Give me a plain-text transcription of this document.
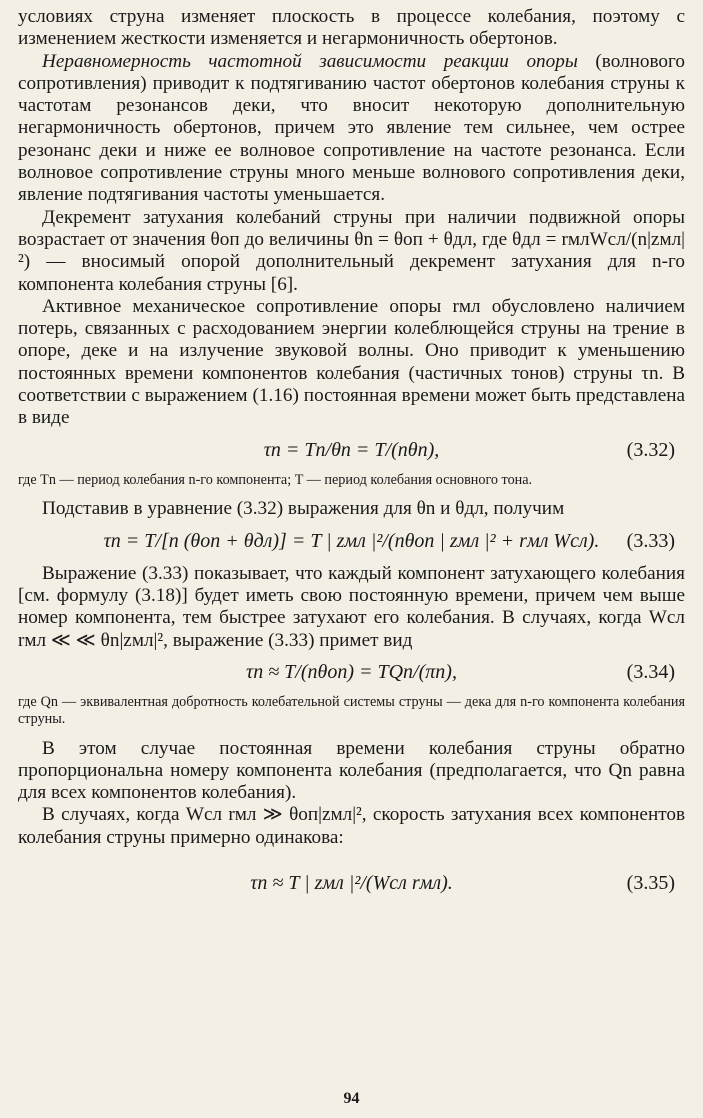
условиях струна изменяет плоскость в процессе колебания, поэтому с изменением жесткости изменяется и негармоничность обертонов.

Неравномерность частотной зависимости реакции опоры (волнового сопротивления) приводит к подтягиванию частот обертонов колебания струны к частотам резонансов деки, что вносит некоторую дополнительную негармоничность обертонов, причем это явление тем сильнее, чем острее резонанс деки и ниже ее волновое сопротивление на частоте резонанса. Если волновое сопротивление струны много меньше волнового сопротивления деки, явление подтягивания частоты уменьшается.

Декремент затухания колебаний струны при наличии подвижной опоры возрастает от значения θоп до величины θn = θоп + θдл, где θдл = rмлWсл/(n|zмл|²) — вносимый опорой дополнительный декремент затухания для n-го компонента колебания струны [6].

Активное механическое сопротивление опоры rмл обусловлено наличием потерь, связанных с расходованием энергии колеблющейся струны на трение в опоре, деке и на излучение звуковой волны. Оно приводит к уменьшению постоянных времени компонентов колебания (частичных тонов) струны τn. В соответствии с выражением (1.16) постоянная времени может быть представлена в виде

τn = Tn/θn = T/(nθn),	(3.32)

где Tn — период колебания n-го компонента; T — период колебания основного тона.

Подставив в уравнение (3.32) выражения для θn и θдл, получим

τn = T/[n (θоп + θдл)] = T | zмл |²/(nθоп | zмл |² + rмл Wсл).	(3.33)

Выражение (3.33) показывает, что каждый компонент затухающего колебания [см. формулу (3.18)] будет иметь свою постоянную времени, причем чем выше номер компонента, тем быстрее затухают его колебания. В случаях, когда Wсл rмл ≪ ≪ θn|zмл|², выражение (3.33) примет вид

τn ≈ T/(nθоп) = TQn/(πn),	(3.34)

где Qn — эквивалентная добротность колебательной системы струны — дека для n-го компонента колебания струны.

В этом случае постоянная времени колебания струны обратно пропорциональна номеру компонента колебания (предполагается, что Qn равна для всех компонентов колебания).

В случаях, когда Wсл rмл ≫ θоп|zмл|², скорость затухания всех компонентов колебания струны примерно одинакова:

τn ≈ T | zмл |²/(Wсл rмл).	(3.35)
94
